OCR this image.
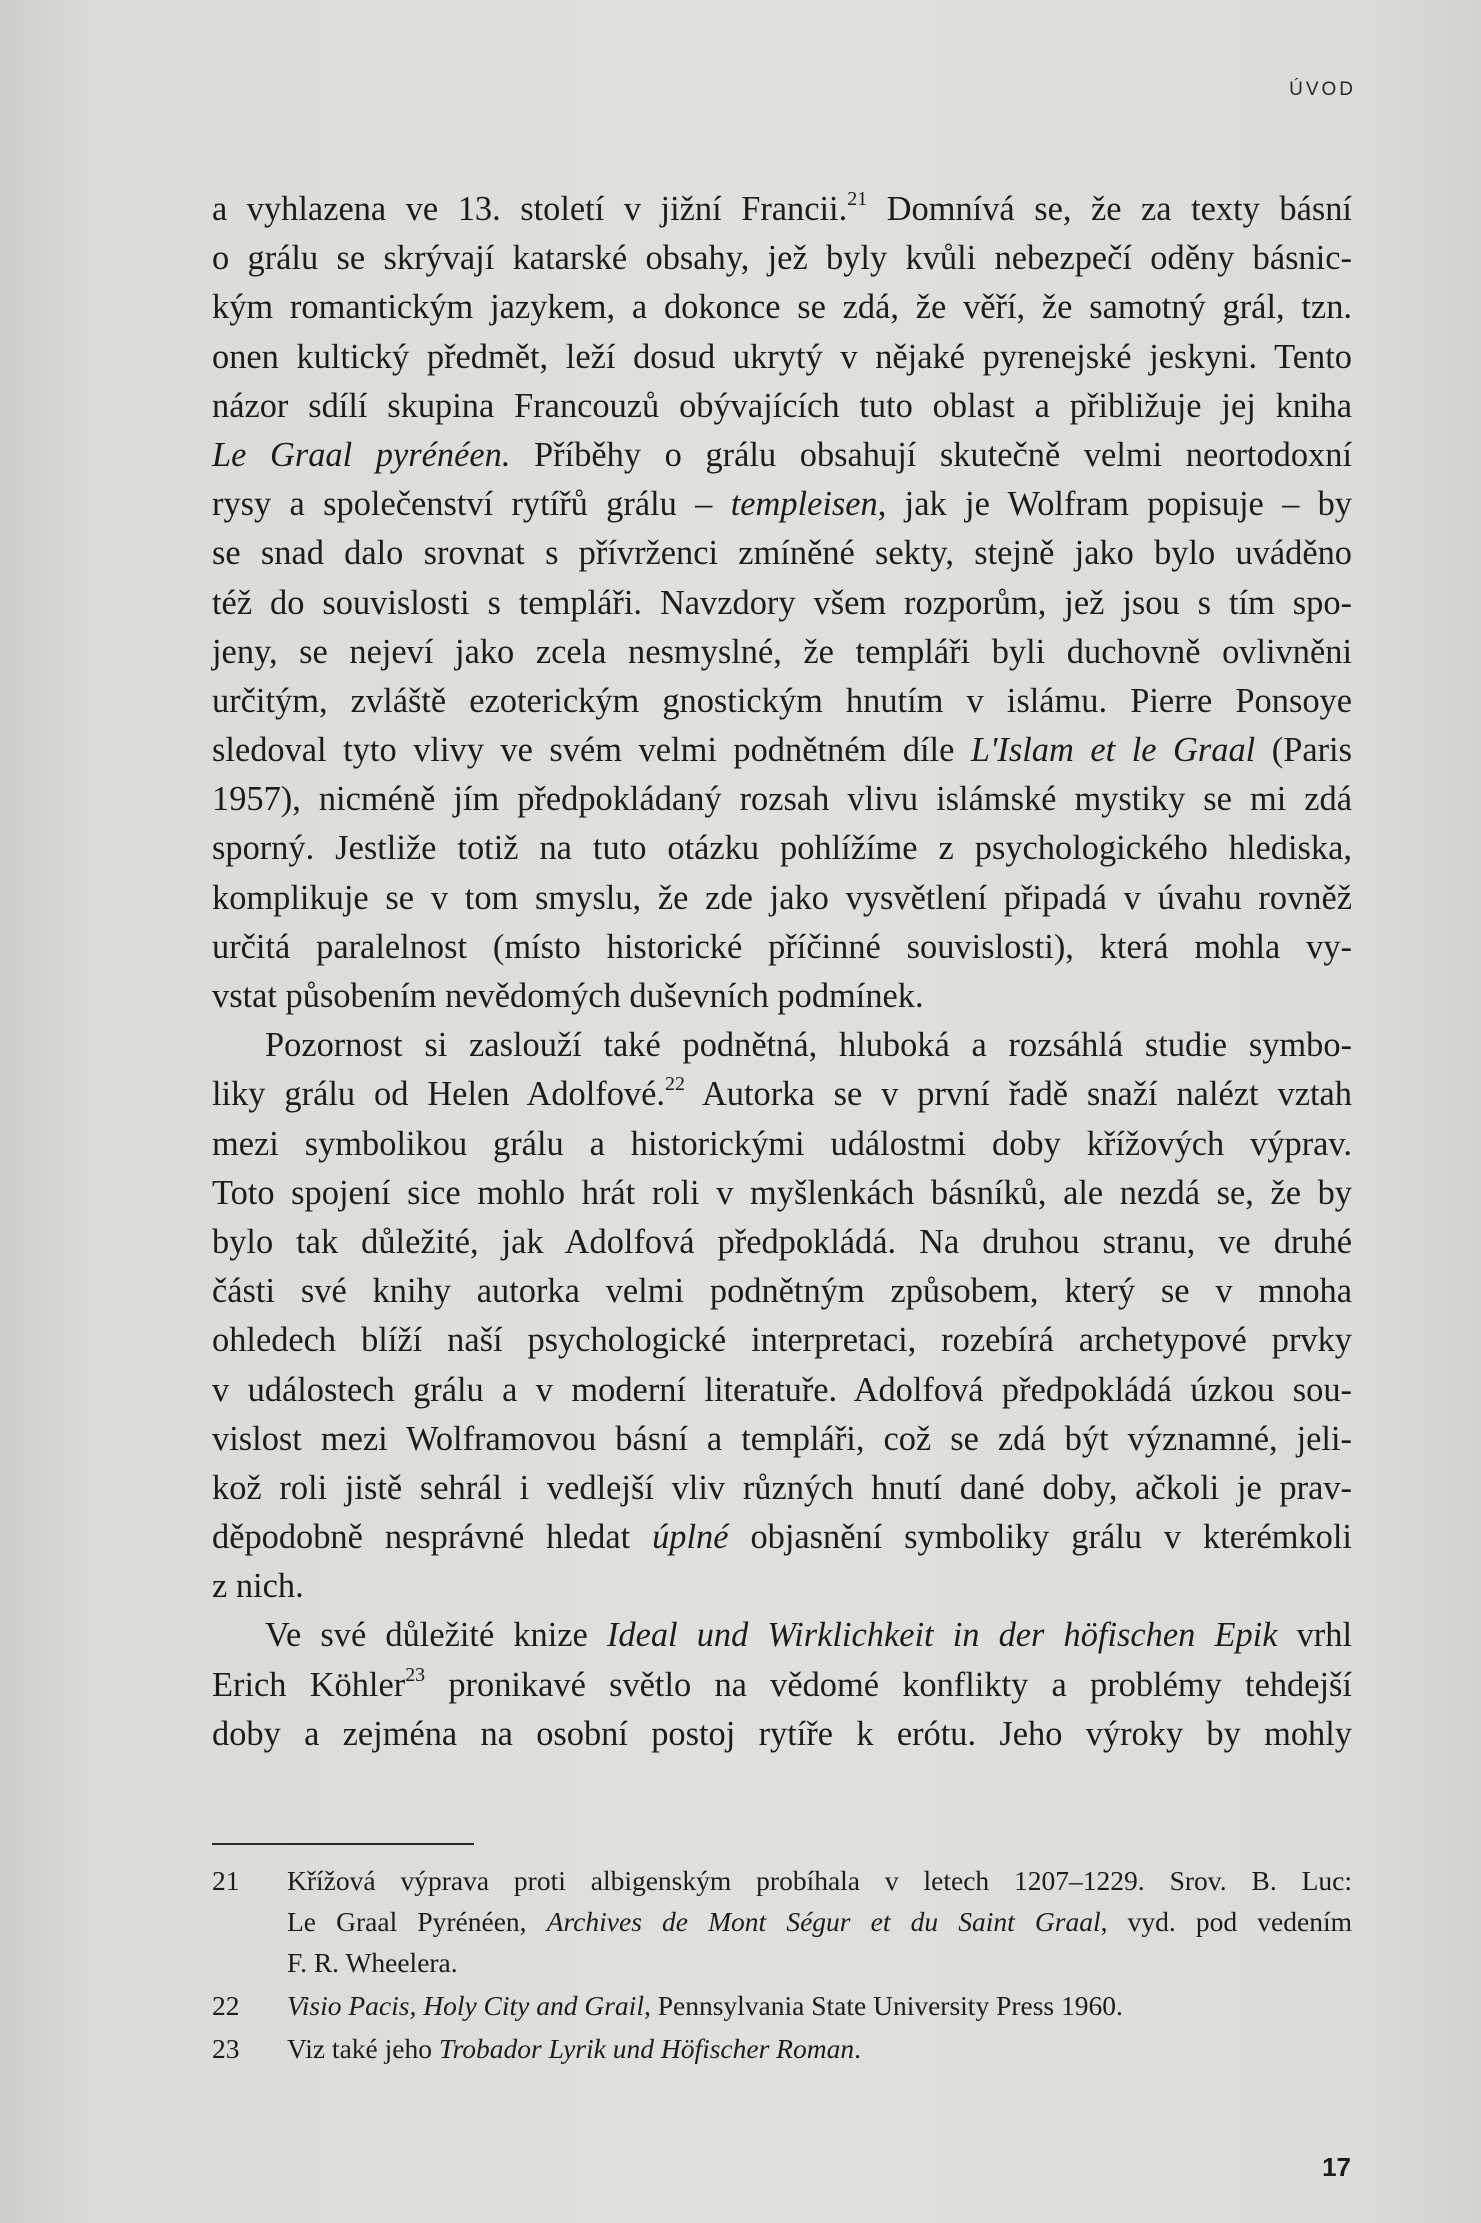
ÚVOD
a vyhlazena ve 13. století v jižní Francii.$^{21}$ Domnívá se, že za texty básní
o grálu se skrývají katarské obsahy, jež byly kvůli nebezpečí oděny básnic-
kým romantickým jazykem, a dokonce se zdá, že věří, že samotný grál, tzn.
onen kultický předmět, leží dosud ukrytý v nějaké pyrenejské jeskyni. Tento
názor sdílí skupina Francouzů obývajících tuto oblast a přibližuje jej kniha
Le Graal pyrénéen. Příběhy o grálu obsahují skutečně velmi neortodoxní
rysy a společenství rytířů grálu – templeisen, jak je Wolfram popisuje – by
se snad dalo srovnat s přívrženci zmíněné sekty, stejně jako bylo uváděno
též do souvislosti s templáři. Navzdory všem rozporům, jež jsou s tím spo-
jeny, se nejeví jako zcela nesmyslné, že templáři byli duchovně ovlivněni
určitým, zvláště ezoterickým gnostickým hnutím v islámu. Pierre Ponsoye
sledoval tyto vlivy ve svém velmi podnětném díle L'Islam et le Graal (Paris
1957), nicméně jím předpokládaný rozsah vlivu islámské mystiky se mi zdá
sporný. Jestliže totiž na tuto otázku pohlížíme z psychologického hlediska,
komplikuje se v tom smyslu, že zde jako vysvětlení připadá v úvahu rovněž
určitá paralelnost (místo historické příčinné souvislosti), která mohla vy-
vstat působením nevědomých duševních podmínek.
Pozornost si zaslouží také podnětná, hluboká a rozsáhlá studie symbo-
liky grálu od Helen Adolfové.$^{22}$ Autorka se v první řadě snaží nalézt vztah
mezi symbolikou grálu a historickými událostmi doby křížových výprav.
Toto spojení sice mohlo hrát roli v myšlenkách básníků, ale nezdá se, že by
bylo tak důležité, jak Adolfová předpokládá. Na druhou stranu, ve druhé
části své knihy autorka velmi podnětným způsobem, který se v mnoha
ohledech blíží naší psychologické interpretaci, rozebírá archetypové prvky
v událostech grálu a v moderní literatuře. Adolfová předpokládá úzkou sou-
vislost mezi Wolframovou básní a templáři, což se zdá být významné, jeli-
kož roli jistě sehrál i vedlejší vliv různých hnutí dané doby, ačkoli je prav-
děpodobně nesprávné hledat úplné objasnění symboliky grálu v kterémkoli
z nich.
Ve své důležité knize Ideal und Wirklichkeit in der höfischen Epik vrhl
Erich Köhler$^{23}$ pronikavé světlo na vědomé konflikty a problémy tehdejší
doby a zejména na osobní postoj rytíře k erótu. Jeho výroky by mohly
21	Křížová výprava proti albigenským probíhala v letech 1207–1229. Srov. B. Luc:
Le Graal Pyrénéen, Archives de Mont Ségur et du Saint Graal, vyd. pod vedením
F. R. Wheelera.
22	Visio Pacis, Holy City and Grail, Pennsylvania State University Press 1960.
23	Viz také jeho Trobador Lyrik und Höfischer Roman.
17
